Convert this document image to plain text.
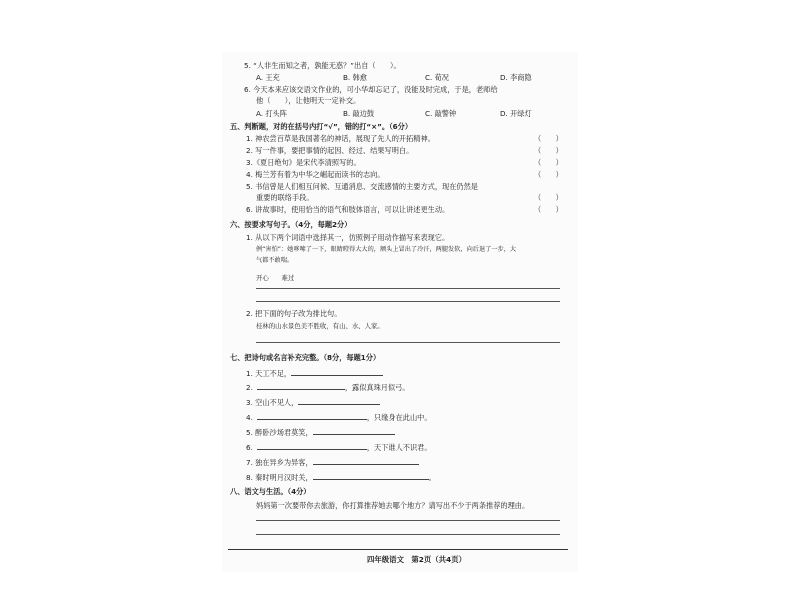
5. “人非生而知之者，孰能无惑？”出自（　　）。
A. 王充	B. 韩愈	C. 荀况	D. 李商隐
6. 今天本来应该交语文作业的，可小华却忘记了，没能及时完成，于是，老师给
他（　　），让他明天一定补交。
A. 打头阵	B. 敲边鼓	C. 敲警钟	D. 开绿灯
五、判断题，对的在括号内打“√”，错的打“×”。（6分）
1. 神农尝百草是我国著名的神话，展现了先人的开拓精神。	（　　）
2. 写一件事，要把事情的起因、经过、结果写明白。	（　　）
3.《夏日绝句》是宋代李清照写的。	（　　）
4. 梅兰芳有着为中华之崛起而读书的志向。	（　　）
5. 书信曾是人们相互问候、互通消息、交流感情的主要方式，现在仍然是
重要的联络手段。	（　　）
6. 讲故事时，使用恰当的语气和肢体语言，可以让讲述更生动。	（　　）
六、按要求写句子。（4分，每题2分）
1. 从以下两个词语中选择其一，仿照例子用动作描写来表现它。
例“害怕”：她哆嗦了一下，眼睛瞪得大大的，额头上冒出了冷汗，两腿发软，向后退了一步，大
气都不敢喘。
开心　　难过
2. 把下面的句子改为排比句。
桂林的山水景色美不胜收，有山、水、人家。
七、把诗句或名言补充完整。（8分，每题1分）
1. 天工不足，
2.	，露似真珠月似弓。
3. 空山不见人，
4.	，只缘身在此山中。
5. 醉卧沙场君莫笑，
6.	，天下谁人不识君。
7. 独在异乡为异客，
8. 秦时明月汉时关，	。
八、语文与生活。（4分）
妈妈第一次要带你去旅游，你打算推荐她去哪个地方？请写出不少于两条推荐的理由。
四年级语文　第2页（共4页）
